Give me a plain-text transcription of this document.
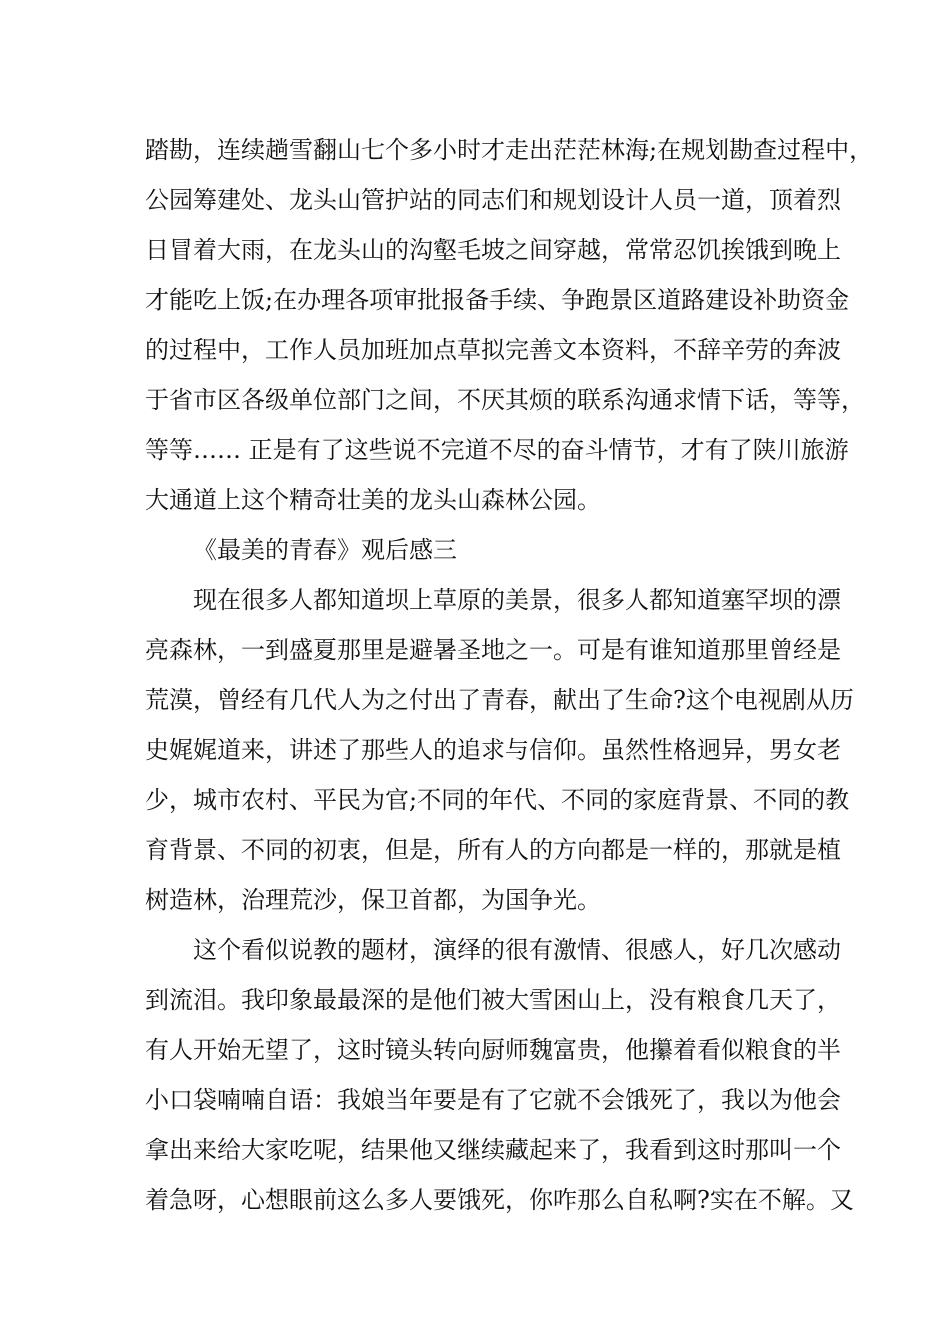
踏勘，连续趟雪翻山七个多小时才走出茫茫林海;在规划勘查过程中，
公园筹建处、龙头山管护站的同志们和规划设计人员一道，顶着烈
日冒着大雨，在龙头山的沟壑毛坡之间穿越，常常忍饥挨饿到晚上
才能吃上饭;在办理各项审批报备手续、争跑景区道路建设补助资金
的过程中，工作人员加班加点草拟完善文本资料，不辞辛劳的奔波
于省市区各级单位部门之间，不厌其烦的联系沟通求情下话，等等，
等等…… 正是有了这些说不完道不尽的奋斗情节，才有了陕川旅游
大通道上这个精奇壮美的龙头山森林公园。
《最美的青春》观后感三
现在很多人都知道坝上草原的美景，很多人都知道塞罕坝的漂
亮森林，一到盛夏那里是避暑圣地之一。可是有谁知道那里曾经是
荒漠，曾经有几代人为之付出了青春，献出了生命?这个电视剧从历
史娓娓道来，讲述了那些人的追求与信仰。虽然性格迥异，男女老
少，城市农村、平民为官;不同的年代、不同的家庭背景、不同的教
育背景、不同的初衷，但是，所有人的方向都是一样的，那就是植
树造林，治理荒沙，保卫首都，为国争光。
这个看似说教的题材，演绎的很有激情、很感人，好几次感动
到流泪。我印象最最深的是他们被大雪困山上，没有粮食几天了，
有人开始无望了，这时镜头转向厨师魏富贵，他攥着看似粮食的半
小口袋喃喃自语：我娘当年要是有了它就不会饿死了，我以为他会
拿出来给大家吃呢，结果他又继续藏起来了，我看到这时那叫一个
着急呀，心想眼前这么多人要饿死，你咋那么自私啊?实在不解。又
